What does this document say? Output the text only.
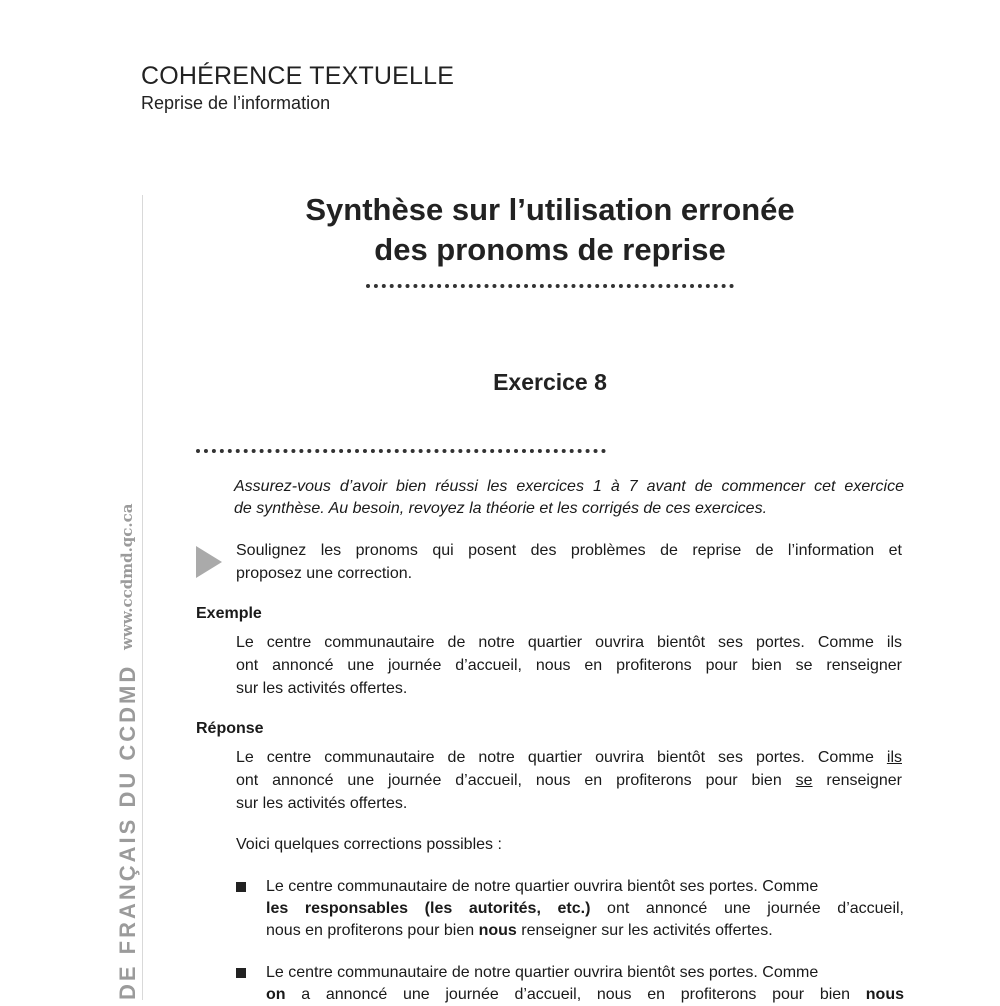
COHÉRENCE TEXTUELLE
Reprise de l’information
www.ccdmd.qc.ca
DE FRANÇAIS DU CCDMD
Synthèse sur l’utilisation erronée
des pronoms de reprise
Exercice 8
Assurez-vous d’avoir bien réussi les exercices 1 à 7 avant de commencer cet exercice
de synthèse. Au besoin, revoyez la théorie et les corrigés de ces exercices.
Soulignez les pronoms qui posent des problèmes de reprise de l’information et
proposez une correction.
Exemple
Le centre communautaire de notre quartier ouvrira bientôt ses portes. Comme ils
ont annoncé une journée d’accueil, nous en profiterons pour bien se renseigner
sur les activités offertes.
Réponse
Le centre communautaire de notre quartier ouvrira bientôt ses portes. Comme ils
ont annoncé une journée d’accueil, nous en profiterons pour bien se renseigner
sur les activités offertes.
Voici quelques corrections possibles :
Le centre communautaire de notre quartier ouvrira bientôt ses portes. Comme
les responsables (les autorités, etc.) ont annoncé une journée d’accueil,
nous en profiterons pour bien nous renseigner sur les activités offertes.
Le centre communautaire de notre quartier ouvrira bientôt ses portes. Comme
on a annoncé une journée d’accueil, nous en profiterons pour bien nous
